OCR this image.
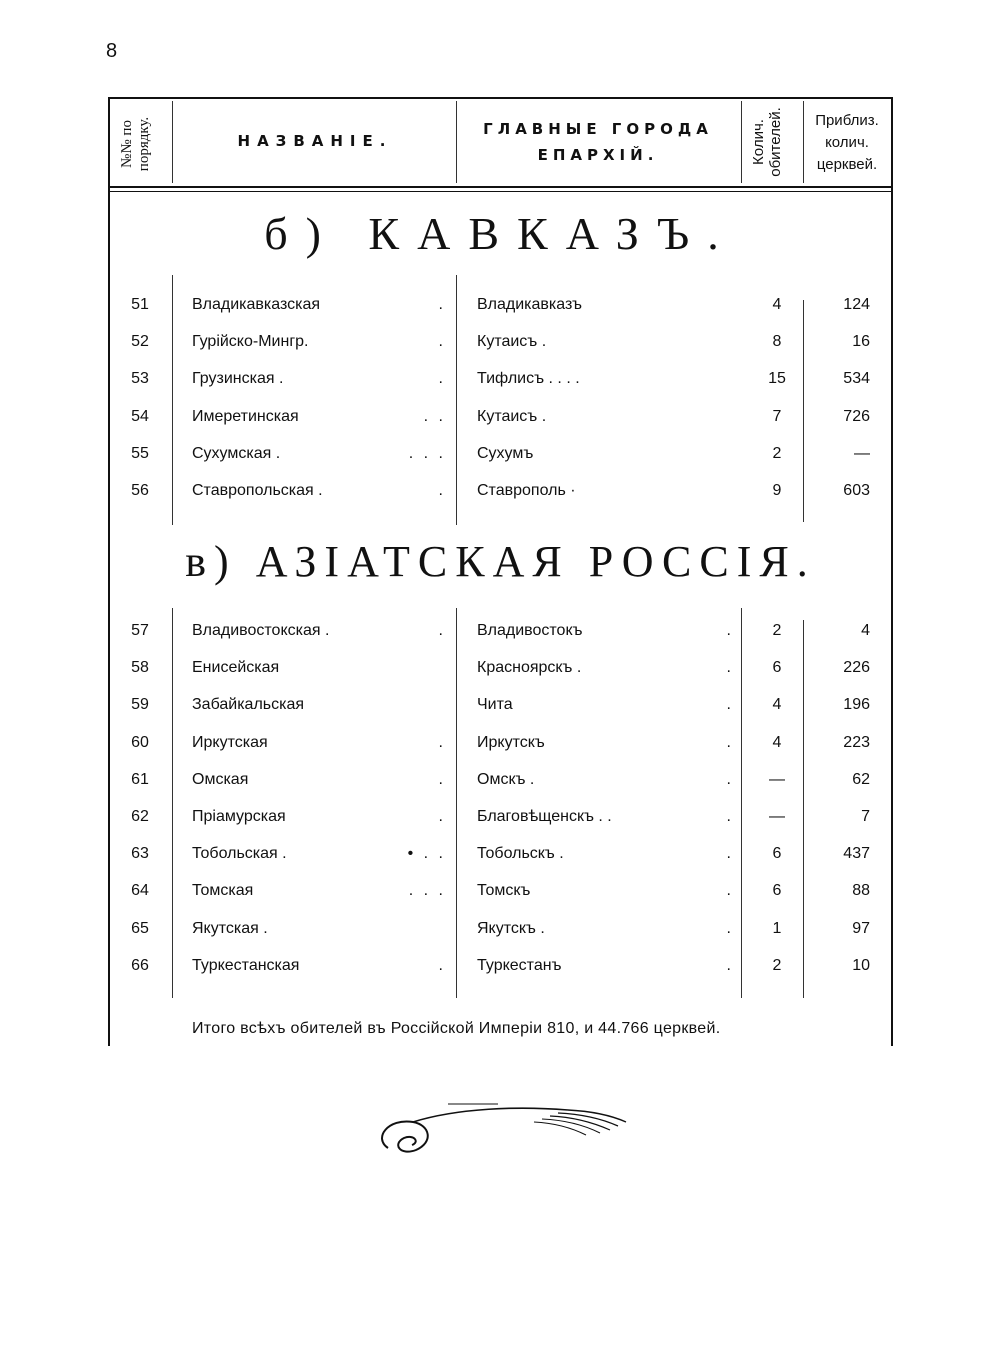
8
№№ по порядку.	НАЗВАНIЕ.
ГЛАВНЫЕ ГОРОДА
ЕПАРХIЙ.	Колич. обителей.	Приблиз.
колич.
церквей.
б) КАВКАЗЪ.
51	Владикавказская	. Владикавказъ	4	124
52	Гурiйско-Мингр.	. Кутаисъ .	8	16
53	Грузинская .	. Тифлисъ . . . .	15	534
54	Имеретинская	. . Кутаисъ .	7	726
55	Сухумская .	. . . Сухумъ	2	—
56	Ставропольская .	. Ставрополь ·	9	603
в) АЗIАТСКАЯ РОССIЯ.
57	Владивостокская .	. Владивостокъ	.	2	4
58	Енисейская	Красноярскъ .	.	6	226
59	Забайкальская	Чита	.	4	196
60	Иркутская	. Иркутскъ	.	4	223
61	Омская	. Омскъ .	.	—	62
62	Прiамурская	. Благовѣщенскъ . .	.	—	7
63	Тобольская .	• . . Тобольскъ .	.	6	437
64	Томская	. . . Томскъ	.	6	88
65	Якутская .	Якутскъ .	.	1	97
66	Туркестанская	. Туркестанъ	.	2	10
Итого всѣхъ обителей въ Россiйской Имперiи 810, и 44.766 церквей.
